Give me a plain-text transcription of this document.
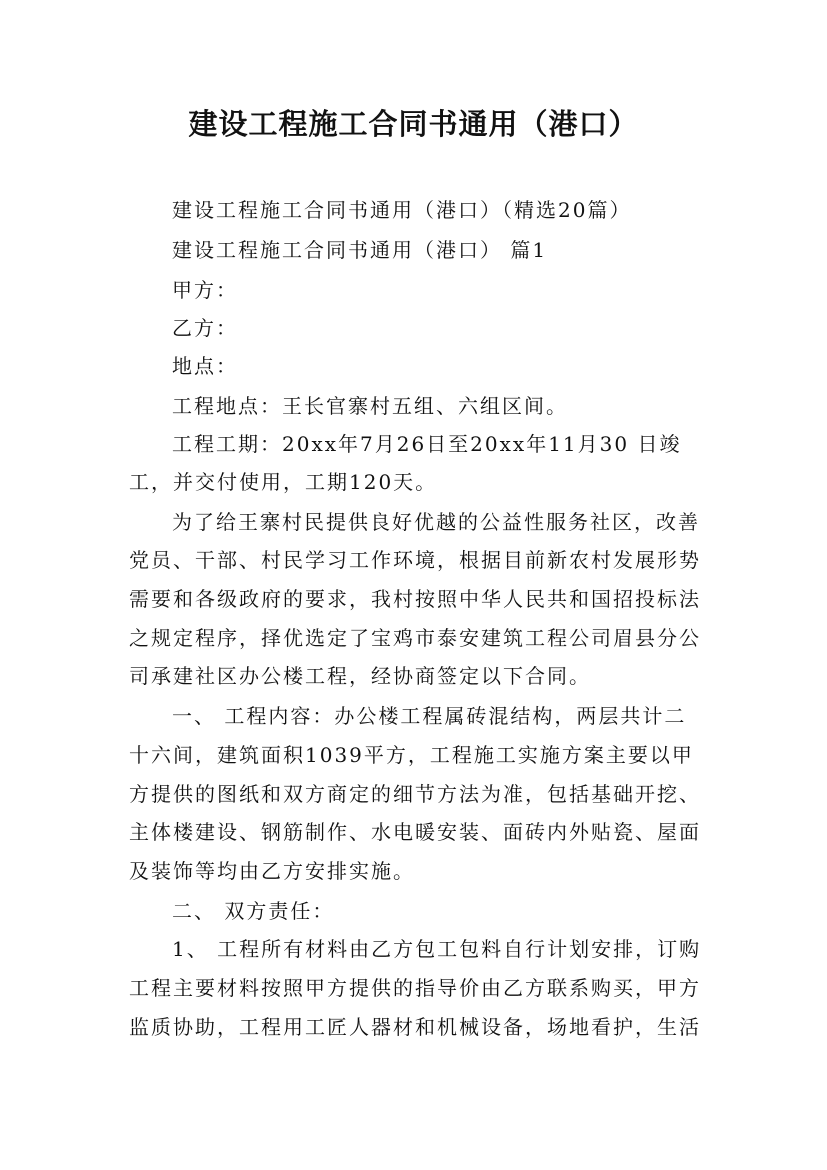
建设工程施工合同书通用（港口）
建设工程施工合同书通用（港口）（精选20篇）
建设工程施工合同书通用（港口） 篇1
甲方：
乙方：
地点：
工程地点：王长官寨村五组、六组区间。
工程工期：20xx年7月26日至20xx年11月30 日竣
工，并交付使用，工期120天。
为了给王寨村民提供良好优越的公益性服务社区，改善
党员、干部、村民学习工作环境，根据目前新农村发展形势
需要和各级政府的要求，我村按照中华人民共和国招投标法
之规定程序，择优选定了宝鸡市泰安建筑工程公司眉县分公
司承建社区办公楼工程，经协商签定以下合同。
一、 工程内容：办公楼工程属砖混结构，两层共计二
十六间，建筑面积1039平方，工程施工实施方案主要以甲
方提供的图纸和双方商定的细节方法为准，包括基础开挖、
主体楼建设、钢筋制作、水电暖安装、面砖内外贴瓷、屋面
及装饰等均由乙方安排实施。
二、 双方责任：
1、 工程所有材料由乙方包工包料自行计划安排，订购
工程主要材料按照甲方提供的指导价由乙方联系购买，甲方
监质协助，工程用工匠人器材和机械设备，场地看护，生活
